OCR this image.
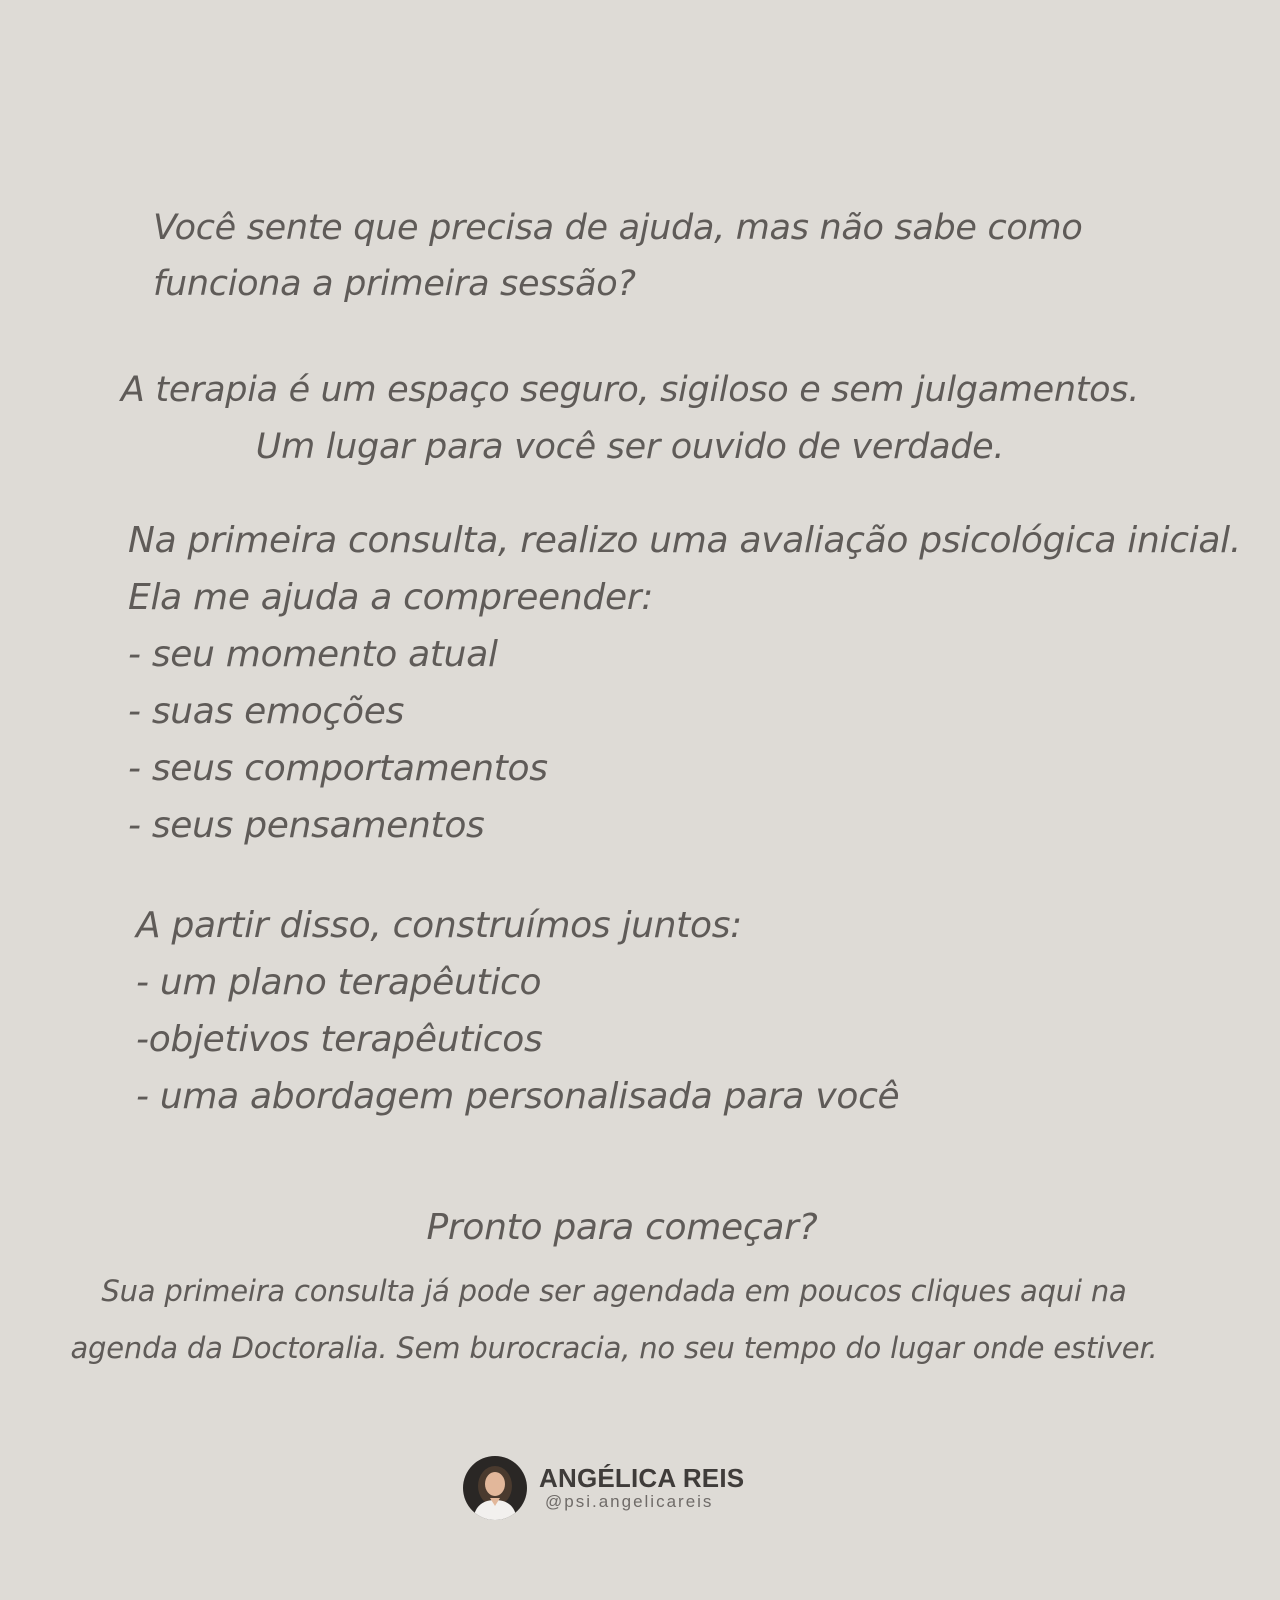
Você sente que precisa de ajuda, mas não sabe como
funciona a primeira sessão?
A terapia é um espaço seguro, sigiloso e sem julgamentos.
Um lugar para você ser ouvido de verdade.
Na primeira consulta, realizo uma avaliação psicológica inicial.
Ela me ajuda a compreender:
- seu momento atual
- suas emoções
- seus comportamentos
- seus pensamentos
A partir disso, construímos juntos:
- um plano terapêutico
-objetivos terapêuticos
- uma abordagem personalisada para você
Pronto para começar?
Sua primeira consulta já pode ser agendada em poucos cliques aqui na
agenda da Doctoralia. Sem burocracia, no seu tempo do lugar onde estiver.
ANGÉLICA REIS
@psi.angelicareis
